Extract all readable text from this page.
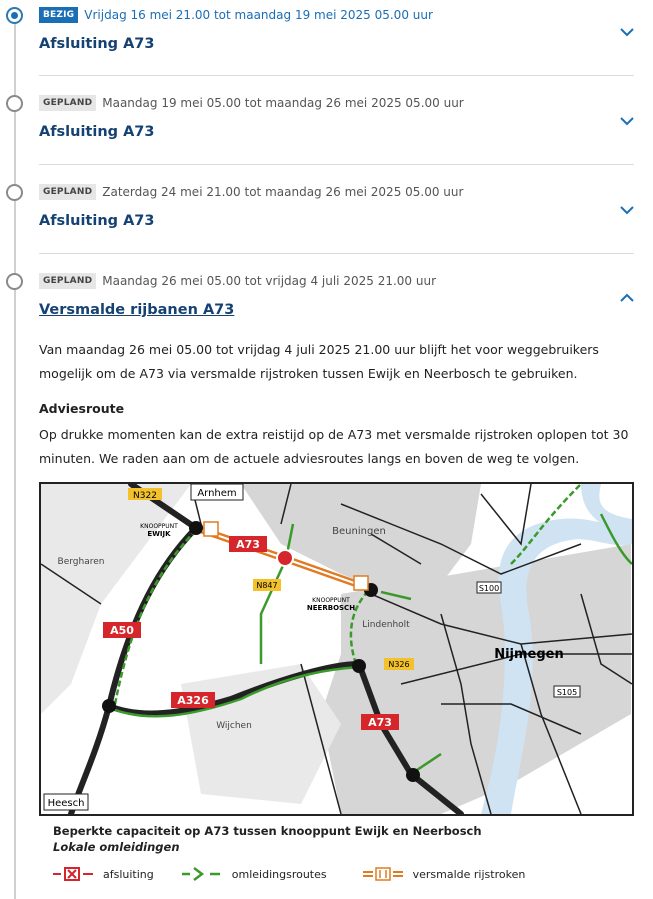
BEZIG Vrijdag 16 mei 21.00 tot maandag 19 mei 2025 05.00 uur
Afsluiting A73
GEPLAND Maandag 19 mei 05.00 tot maandag 26 mei 2025 05.00 uur
Afsluiting A73
GEPLAND Zaterdag 24 mei 21.00 tot maandag 26 mei 2025 05.00 uur
Afsluiting A73
GEPLAND Maandag 26 mei 05.00 tot vrijdag 4 juli 2025 21.00 uur
Versmalde rijbanen A73
Van maandag 26 mei 05.00 tot vrijdag 4 juli 2025 21.00 uur blijft het voor weggebruikers mogelijk om de A73 via versmalde rijstroken tussen Ewijk en Neerbosch te gebruiken.
Adviesroute
Op drukke momenten kan de extra reistijd op de A73 met versmalde rijstroken oplopen tot 30 minuten. We raden aan om de actuele adviesroutes langs en boven de weg te volgen.
N322	Arnhem
KNOOPPUNT
EWIJK
A73
Beuningen
Bergharen
N847
KNOOPPUNT
NEERBOSCH
S100
A50	Lindenholt
Nijmegen
N326
S105
A326
Wijchen	A73
Heesch
Beperkte capaciteit op A73 tussen knooppunt Ewijk en Neerbosch
Lokale omleidingen
afsluiting	omleidingsroutes	versmalde rijstroken
